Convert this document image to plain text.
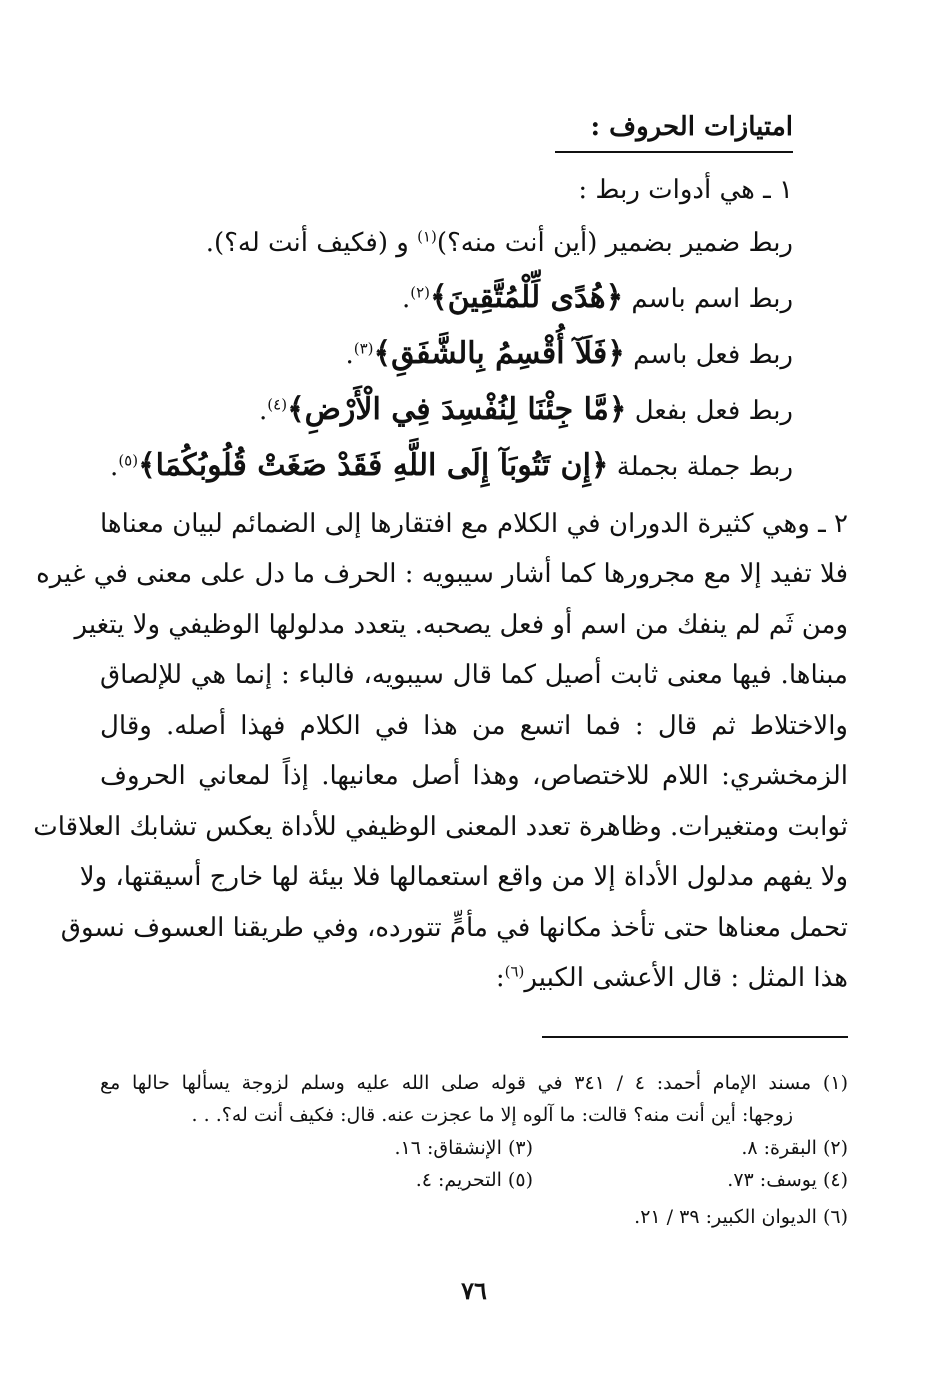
امتيازات الحروف :
١ ـ هي أدوات ربط :
ربط ضمير بضمير (أين أنت منه؟)$^{(١)}$ و (فكيف أنت له؟).
ربط اسم باسم ﴿هُدًى لِّلْمُتَّقِينَ﴾$^{(٢)}$.
ربط فعل باسم ﴿فَلَآ أُقْسِمُ بِالشَّفَقِ﴾$^{(٣)}$.
ربط فعل بفعل ﴿مَّا جِئْنَا لِنُفْسِدَ فِي الْأَرْضِ﴾$^{(٤)}$.
ربط جملة بجملة ﴿إِن تَتُوبَآ إِلَى اللَّهِ فَقَدْ صَغَتْ قُلُوبُكُمَا﴾$^{(٥)}$.
٢ ـ وهي كثيرة الدوران في الكلام مع افتقارها إلى الضمائم لبيان معناها
فلا تفيد إلا مع مجرورها كما أشار سيبويه : الحرف ما دل على معنى في غيره
ومن ثَم لم ينفك من اسم أو فعل يصحبه. يتعدد مدلولها الوظيفي ولا يتغير
مبناها. فيها معنى ثابت أصيل كما قال سيبويه، فالباء : إنما هي للإلصاق
والاختلاط ثم قال : فما اتسع من هذا في الكلام فهذا أصله. وقال
الزمخشري: اللام للاختصاص، وهذا أصل معانيها. إذاً لمعاني الحروف
ثوابت ومتغيرات. وظاهرة تعدد المعنى الوظيفي للأداة يعكس تشابك العلاقات
ولا يفهم مدلول الأداة إلا من واقع استعمالها فلا بيئة لها خارج أسيقتها، ولا
تحمل معناها حتى تأخذ مكانها في مأمٍّ تتورده، وفي طريقنا العسوف نسوق
هذا المثل : قال الأعشى الكبير$^{(٦)}$:
(١) مسند الإمام أحمد: ٤ / ٣٤١ في قوله صلى الله عليه وسلم لزوجة يسألها حالها مع
زوجها: أين أنت منه؟ قالت: ما آلوه إلا ما عجزت عنه. قال: فكيف أنت له؟. . .
(٢) البقرة: ٨.
(٣) الإنشقاق: ١٦.
(٤) يوسف: ٧٣.
(٥) التحريم: ٤.
(٦) الديوان الكبير: ٣٩ / ٢١.
٧٦
